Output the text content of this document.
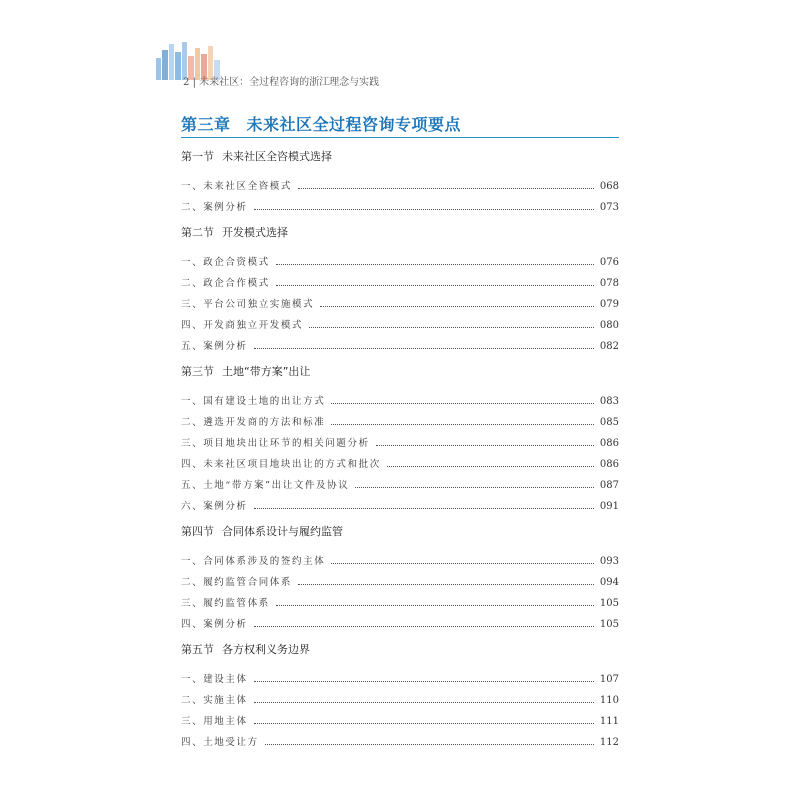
2 | 未来社区：全过程咨询的浙江理念与实践
第三章 未来社区全过程咨询专项要点
第一节 未来社区全咨模式选择
一、未来社区全咨模式	068
二、案例分析	073
第二节 开发模式选择
一、政企合资模式	076
二、政企合作模式	078
三、平台公司独立实施模式	079
四、开发商独立开发模式	080
五、案例分析	082
第三节 土地“带方案”出让
一、国有建设土地的出让方式	083
二、遴选开发商的方法和标准	085
三、项目地块出让环节的相关问题分析	086
四、未来社区项目地块出让的方式和批次	086
五、土地“带方案”出让文件及协议	087
六、案例分析	091
第四节 合同体系设计与履约监管
一、合同体系涉及的签约主体	093
二、履约监管合同体系	094
三、履约监管体系	105
四、案例分析	105
第五节 各方权利义务边界
一、建设主体	107
二、实施主体	110
三、用地主体	111
四、土地受让方	112
